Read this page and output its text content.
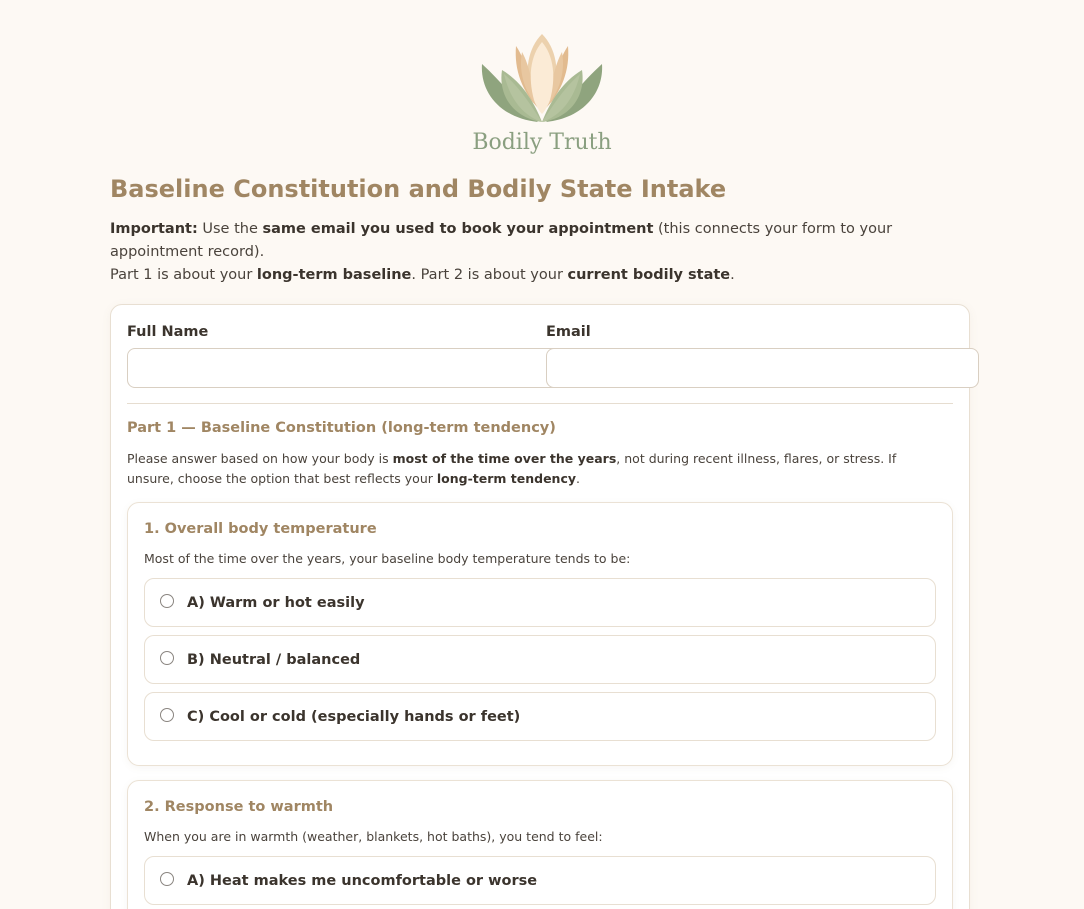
Bodily Truth
Baseline Constitution and Bodily State Intake
Important: Use the same email you used to book your appointment (this connects your form to your appointment record).
Part 1 is about your long-term baseline. Part 2 is about your current bodily state.
Full Name	Email
Part 1 — Baseline Constitution (long-term tendency)
Please answer based on how your body is most of the time over the years, not during recent illness, flares, or stress. If unsure, choose the option that best reflects your long-term tendency.
1. Overall body temperature
Most of the time over the years, your baseline body temperature tends to be:
A) Warm or hot easily
B) Neutral / balanced
C) Cool or cold (especially hands or feet)
2. Response to warmth
When you are in warmth (weather, blankets, hot baths), you tend to feel:
A) Heat makes me uncomfortable or worse
